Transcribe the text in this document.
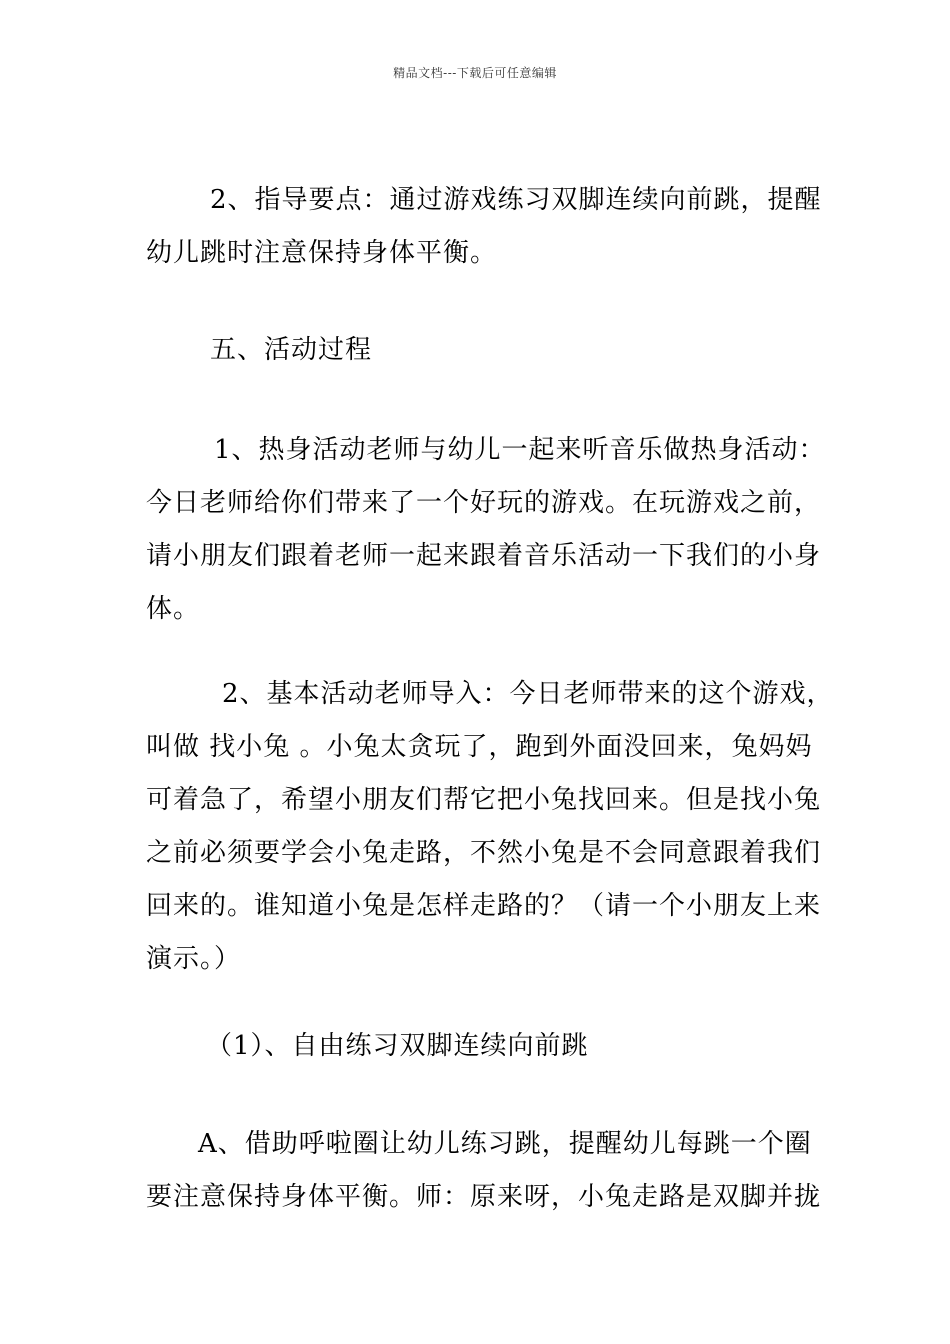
精品文档---下载后可任意编辑
2、指导要点：通过游戏练习双脚连续向前跳，提醒
幼儿跳时注意保持身体平衡。
五、活动过程
1、热身活动老师与幼儿一起来听音乐做热身活动：
今日老师给你们带来了一个好玩的游戏。在玩游戏之前，
请小朋友们跟着老师一起来跟着音乐活动一下我们的小身
体。
2、基本活动老师导入：今日老师带来的这个游戏，
叫做 找小兔 。小兔太贪玩了，跑到外面没回来，兔妈妈
可着急了，希望小朋友们帮它把小兔找回来。但是找小兔
之前必须要学会小兔走路，不然小兔是不会同意跟着我们
回来的。谁知道小兔是怎样走路的？（请一个小朋友上来
演示。）
（1）、自由练习双脚连续向前跳
A、借助呼啦圈让幼儿练习跳，提醒幼儿每跳一个圈
要注意保持身体平衡。师：原来呀，小兔走路是双脚并拢
